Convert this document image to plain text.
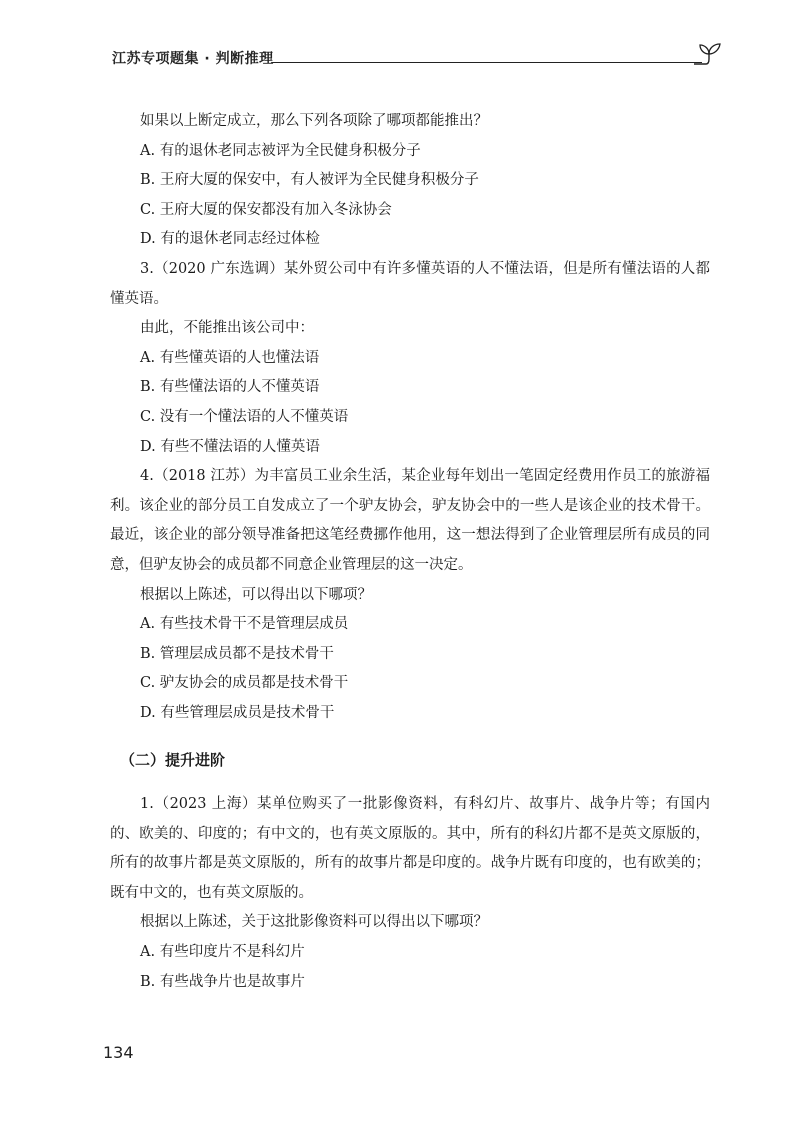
江苏专项题集 · 判断推理

如果以上断定成立，那么下列各项除了哪项都能推出？

A. 有的退休老同志被评为全民健身积极分子

B. 王府大厦的保安中，有人被评为全民健身积极分子

C. 王府大厦的保安都没有加入冬泳协会

D. 有的退休老同志经过体检

3.（2020 广东选调）某外贸公司中有许多懂英语的人不懂法语，但是所有懂法语的人都懂英语。

由此，不能推出该公司中：

A. 有些懂英语的人也懂法语

B. 有些懂法语的人不懂英语

C. 没有一个懂法语的人不懂英语

D. 有些不懂法语的人懂英语

4.（2018 江苏）为丰富员工业余生活，某企业每年划出一笔固定经费用作员工的旅游福利。该企业的部分员工自发成立了一个驴友协会，驴友协会中的一些人是该企业的技术骨干。最近，该企业的部分领导准备把这笔经费挪作他用，这一想法得到了企业管理层所有成员的同意，但驴友协会的成员都不同意企业管理层的这一决定。

根据以上陈述，可以得出以下哪项？

A. 有些技术骨干不是管理层成员

B. 管理层成员都不是技术骨干

C. 驴友协会的成员都是技术骨干

D. 有些管理层成员是技术骨干

（二）提升进阶

1.（2023 上海）某单位购买了一批影像资料，有科幻片、故事片、战争片等；有国内的、欧美的、印度的；有中文的，也有英文原版的。其中，所有的科幻片都不是英文原版的，所有的故事片都是英文原版的，所有的故事片都是印度的。战争片既有印度的，也有欧美的；既有中文的，也有英文原版的。

根据以上陈述，关于这批影像资料可以得出以下哪项？

A. 有些印度片不是科幻片

B. 有些战争片也是故事片

134
